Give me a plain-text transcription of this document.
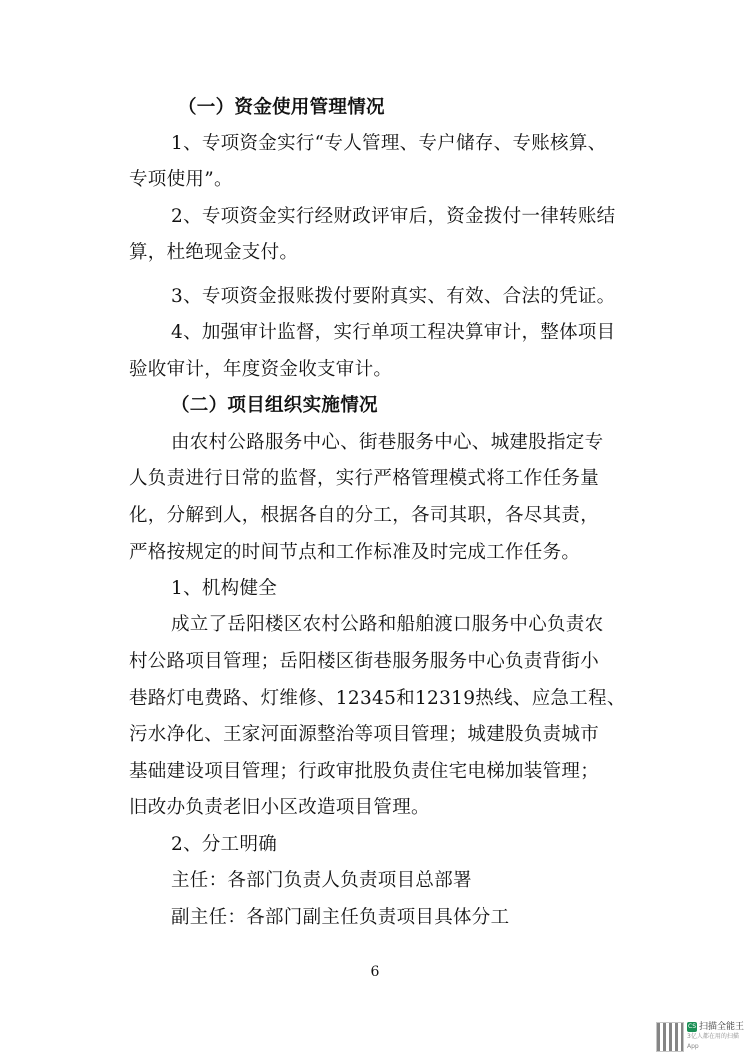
（一）资金使用管理情况
1、专项资金实行“专人管理、专户储存、专账核算、
专项使用”。
2、专项资金实行经财政评审后，资金拨付一律转账结
算，杜绝现金支付。
3、专项资金报账拨付要附真实、有效、合法的凭证。
4、加强审计监督，实行单项工程决算审计，整体项目
验收审计，年度资金收支审计。
（二）项目组织实施情况
由农村公路服务中心、街巷服务中心、城建股指定专
人负责进行日常的监督，实行严格管理模式将工作任务量
化，分解到人，根据各自的分工，各司其职，各尽其责，
严格按规定的时间节点和工作标准及时完成工作任务。
1、机构健全
成立了岳阳楼区农村公路和船舶渡口服务中心负责农
村公路项目管理；岳阳楼区街巷服务服务中心负责背街小
巷路灯电费路、灯维修、12345和12319热线、应急工程、
污水净化、王家河面源整治等项目管理；城建股负责城市
基础建设项目管理；行政审批股负责住宅电梯加装管理；
旧改办负责老旧小区改造项目管理。
2、分工明确
主任：各部门负责人负责项目总部署
副主任：各部门副主任负责项目具体分工
6
CS 扫描全能王
3亿人都在用的扫描App
